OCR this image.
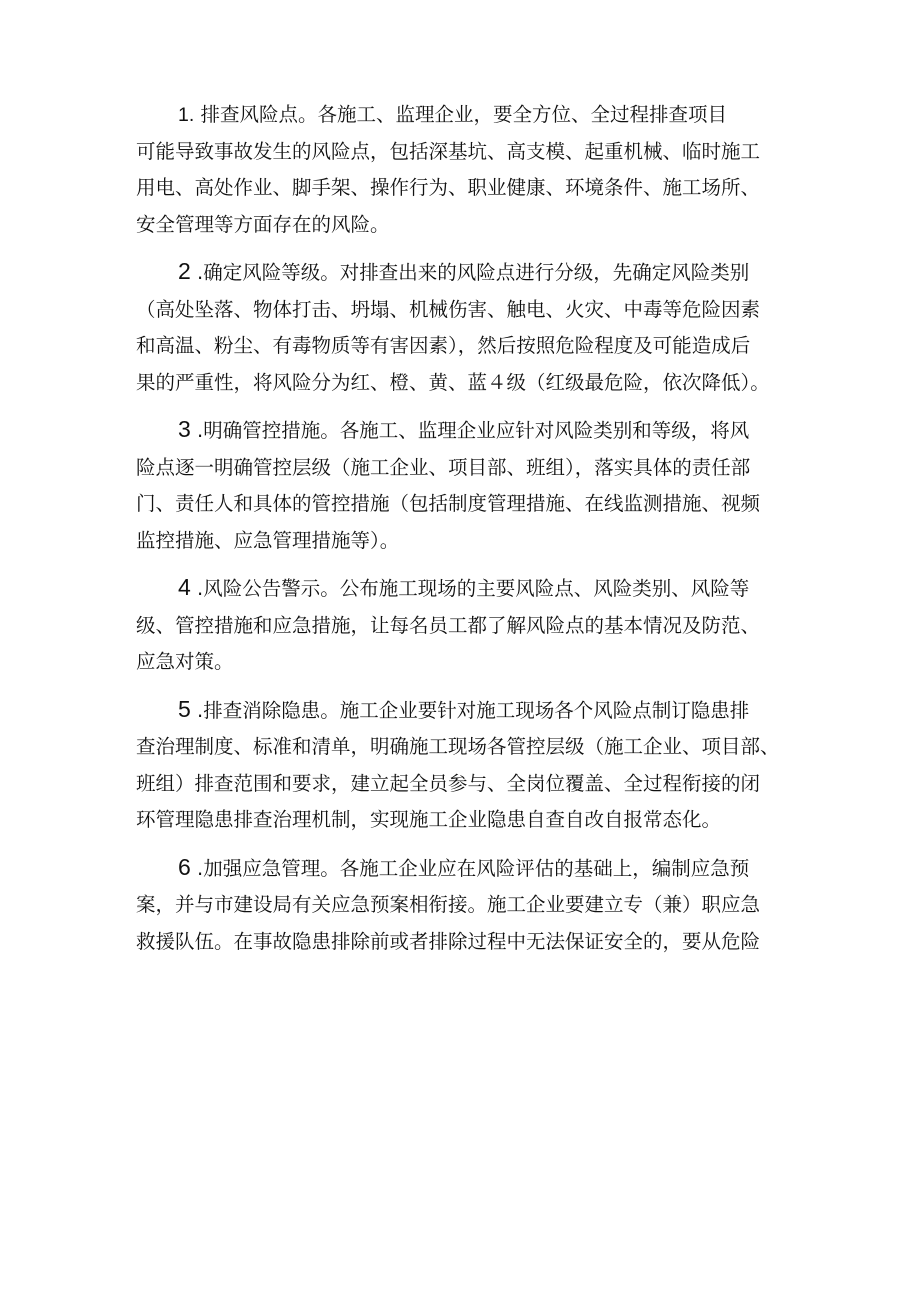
1. 排查风险点。各施工、监理企业，要全方位、全过程排查项目
可能导致事故发生的风险点，包括深基坑、高支模、起重机械、临时施工
用电、高处作业、脚手架、操作行为、职业健康、环境条件、施工场所、
安全管理等方面存在的风险。
2 .确定风险等级。对排查出来的风险点进行分级，先确定风险类别
（高处坠落、物体打击、坍塌、机械伤害、触电、火灾、中毒等危险因素
和高温、粉尘、有毒物质等有害因素），然后按照危险程度及可能造成后
果的严重性，将风险分为红、橙、黄、蓝４级（红级最危险，依次降低）。
3 .明确管控措施。各施工、监理企业应针对风险类别和等级，将风
险点逐一明确管控层级（施工企业、项目部、班组），落实具体的责任部
门、责任人和具体的管控措施（包括制度管理措施、在线监测措施、视频
监控措施、应急管理措施等）。
4 .风险公告警示。公布施工现场的主要风险点、风险类别、风险等
级、管控措施和应急措施，让每名员工都了解风险点的基本情况及防范、
应急对策。
5 .排查消除隐患。施工企业要针对施工现场各个风险点制订隐患排
查治理制度、标准和清单，明确施工现场各管控层级（施工企业、项目部、
班组）排查范围和要求，建立起全员参与、全岗位覆盖、全过程衔接的闭
环管理隐患排查治理机制，实现施工企业隐患自查自改自报常态化。
6 .加强应急管理。各施工企业应在风险评估的基础上，编制应急预
案，并与市建设局有关应急预案相衔接。施工企业要建立专（兼）职应急
救援队伍。在事故隐患排除前或者排除过程中无法保证安全的，要从危险
